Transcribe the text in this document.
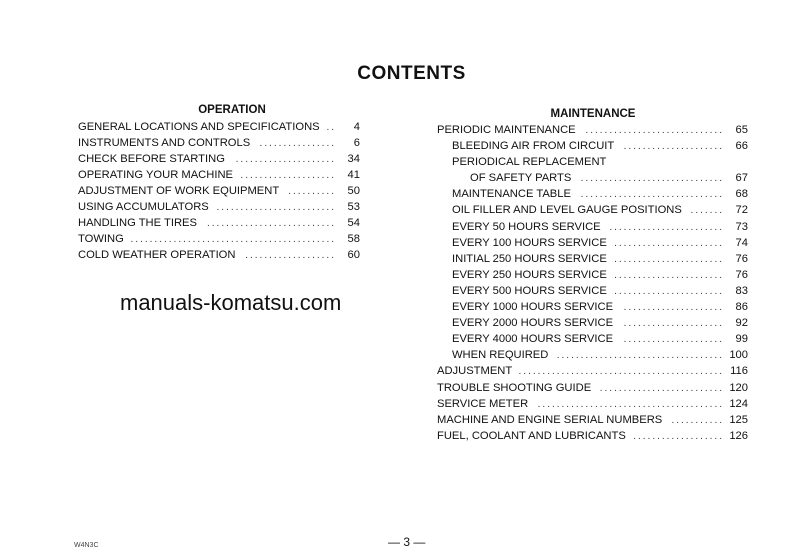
CONTENTS
OPERATION
GENERAL LOCATIONS AND SPECIFICATIONS ..	4
INSTRUMENTS AND CONTROLS ................	6
CHECK BEFORE STARTING	.....................	34
OPERATING YOUR MACHINE ....................	41
ADJUSTMENT OF WORK EQUIPMENT ..........	50
USING ACCUMULATORS .........................	53
HANDLING THE TIRES	...........................	54
TOWING ...........................................	58
COLD WEATHER OPERATION ...................	60
MAINTENANCE
PERIODIC MAINTENANCE .............................	65
BLEEDING AIR FROM CIRCUIT .....................	66
PERIODICAL REPLACEMENT
OF SAFETY PARTS ..............................	67
MAINTENANCE TABLE ..............................	68
OIL FILLER AND LEVEL GAUGE POSITIONS .......	72
EVERY 50 HOURS SERVICE ........................	73
EVERY 100 HOURS SERVICE .......................	74
INITIAL 250 HOURS SERVICE .......................	76
EVERY 250 HOURS SERVICE .......................	76
EVERY 500 HOURS SERVICE .......................	83
EVERY 1000 HOURS SERVICE	.....................	86
EVERY 2000 HOURS SERVICE	.....................	92
EVERY 4000 HOURS SERVICE	.....................	99
WHEN REQUIRED ................................... 100
ADJUSTMENT ........................................... 116
TROUBLE SHOOTING GUIDE .......................... 120
SERVICE METER ....................................... 124
MACHINE AND ENGINE SERIAL NUMBERS ........... 125
FUEL, COOLANT AND LUBRICANTS ................... 126
manuals-komatsu.com
W4N3C	— 3 —
